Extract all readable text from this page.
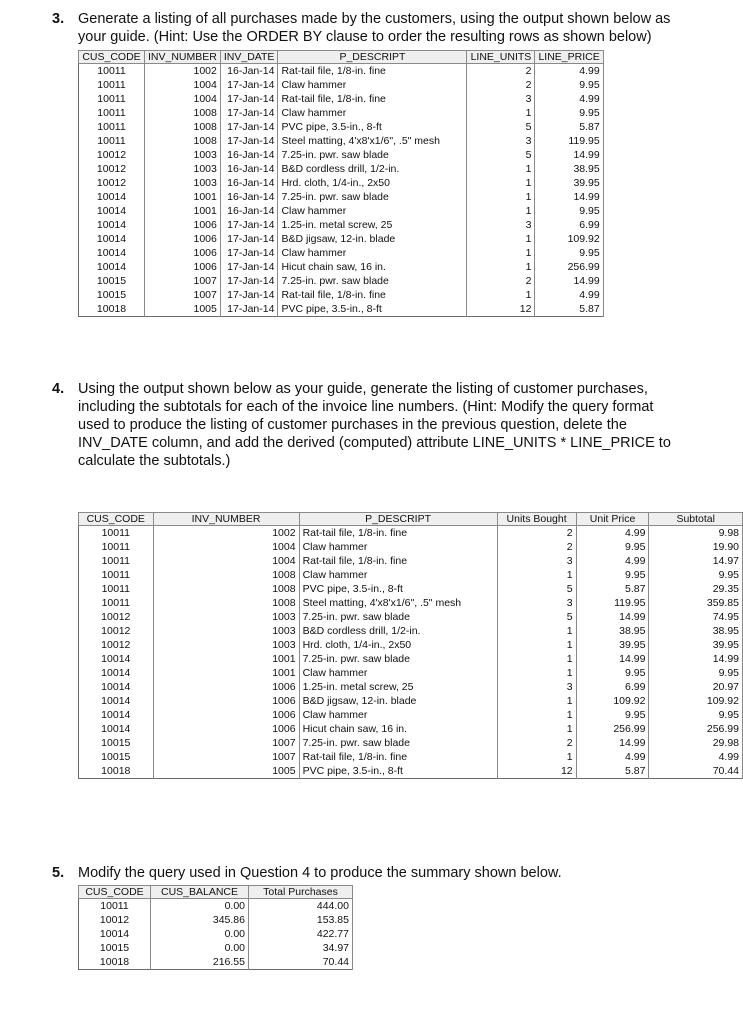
3. Generate a listing of all purchases made by the customers, using the output shown below as
your guide. (Hint: Use the ORDER BY clause to order the resulting rows as shown below)
CUS_CODE	INV_NUMBER	INV_DATE	P_DESCRIPT	LINE_UNITS	LINE_PRICE
10011	1002	16-Jan-14	Rat-tail file, 1/8-in. fine	2	4.99
10011	1004	17-Jan-14	Claw hammer	2	9.95
10011	1004	17-Jan-14	Rat-tail file, 1/8-in. fine	3	4.99
10011	1008	17-Jan-14	Claw hammer	1	9.95
10011	1008	17-Jan-14	PVC pipe, 3.5-in., 8-ft	5	5.87
10011	1008	17-Jan-14	Steel matting, 4'x8'x1/6", .5" mesh	3	119.95
10012	1003	16-Jan-14	7.25-in. pwr. saw blade	5	14.99
10012	1003	16-Jan-14	B&D cordless drill, 1/2-in.	1	38.95
10012	1003	16-Jan-14	Hrd. cloth, 1/4-in., 2x50	1	39.95
10014	1001	16-Jan-14	7.25-in. pwr. saw blade	1	14.99
10014	1001	16-Jan-14	Claw hammer	1	9.95
10014	1006	17-Jan-14	1.25-in. metal screw, 25	3	6.99
10014	1006	17-Jan-14	B&D jigsaw, 12-in. blade	1	109.92
10014	1006	17-Jan-14	Claw hammer	1	9.95
10014	1006	17-Jan-14	Hicut chain saw, 16 in.	1	256.99
10015	1007	17-Jan-14	7.25-in. pwr. saw blade	2	14.99
10015	1007	17-Jan-14	Rat-tail file, 1/8-in. fine	1	4.99
10018	1005	17-Jan-14	PVC pipe, 3.5-in., 8-ft	12	5.87
4. Using the output shown below as your guide, generate the listing of customer purchases,
including the subtotals for each of the invoice line numbers. (Hint: Modify the query format
used to produce the listing of customer purchases in the previous question, delete the
INV_DATE column, and add the derived (computed) attribute LINE_UNITS * LINE_PRICE to
calculate the subtotals.)
CUS_CODE	INV_NUMBER	P_DESCRIPT	Units Bought	Unit Price	Subtotal
10011	1002	Rat-tail file, 1/8-in. fine	2	4.99	9.98
10011	1004	Claw hammer	2	9.95	19.90
10011	1004	Rat-tail file, 1/8-in. fine	3	4.99	14.97
10011	1008	Claw hammer	1	9.95	9.95
10011	1008	PVC pipe, 3.5-in., 8-ft	5	5.87	29.35
10011	1008	Steel matting, 4'x8'x1/6", .5" mesh	3	119.95	359.85
10012	1003	7.25-in. pwr. saw blade	5	14.99	74.95
10012	1003	B&D cordless drill, 1/2-in.	1	38.95	38.95
10012	1003	Hrd. cloth, 1/4-in., 2x50	1	39.95	39.95
10014	1001	7.25-in. pwr. saw blade	1	14.99	14.99
10014	1001	Claw hammer	1	9.95	9.95
10014	1006	1.25-in. metal screw, 25	3	6.99	20.97
10014	1006	B&D jigsaw, 12-in. blade	1	109.92	109.92
10014	1006	Claw hammer	1	9.95	9.95
10014	1006	Hicut chain saw, 16 in.	1	256.99	256.99
10015	1007	7.25-in. pwr. saw blade	2	14.99	29.98
10015	1007	Rat-tail file, 1/8-in. fine	1	4.99	4.99
10018	1005	PVC pipe, 3.5-in., 8-ft	12	5.87	70.44
5. Modify the query used in Question 4 to produce the summary shown below.
CUS_CODE	CUS_BALANCE	Total Purchases
10011	0.00	444.00
10012	345.86	153.85
10014	0.00	422.77
10015	0.00	34.97
10018	216.55	70.44
